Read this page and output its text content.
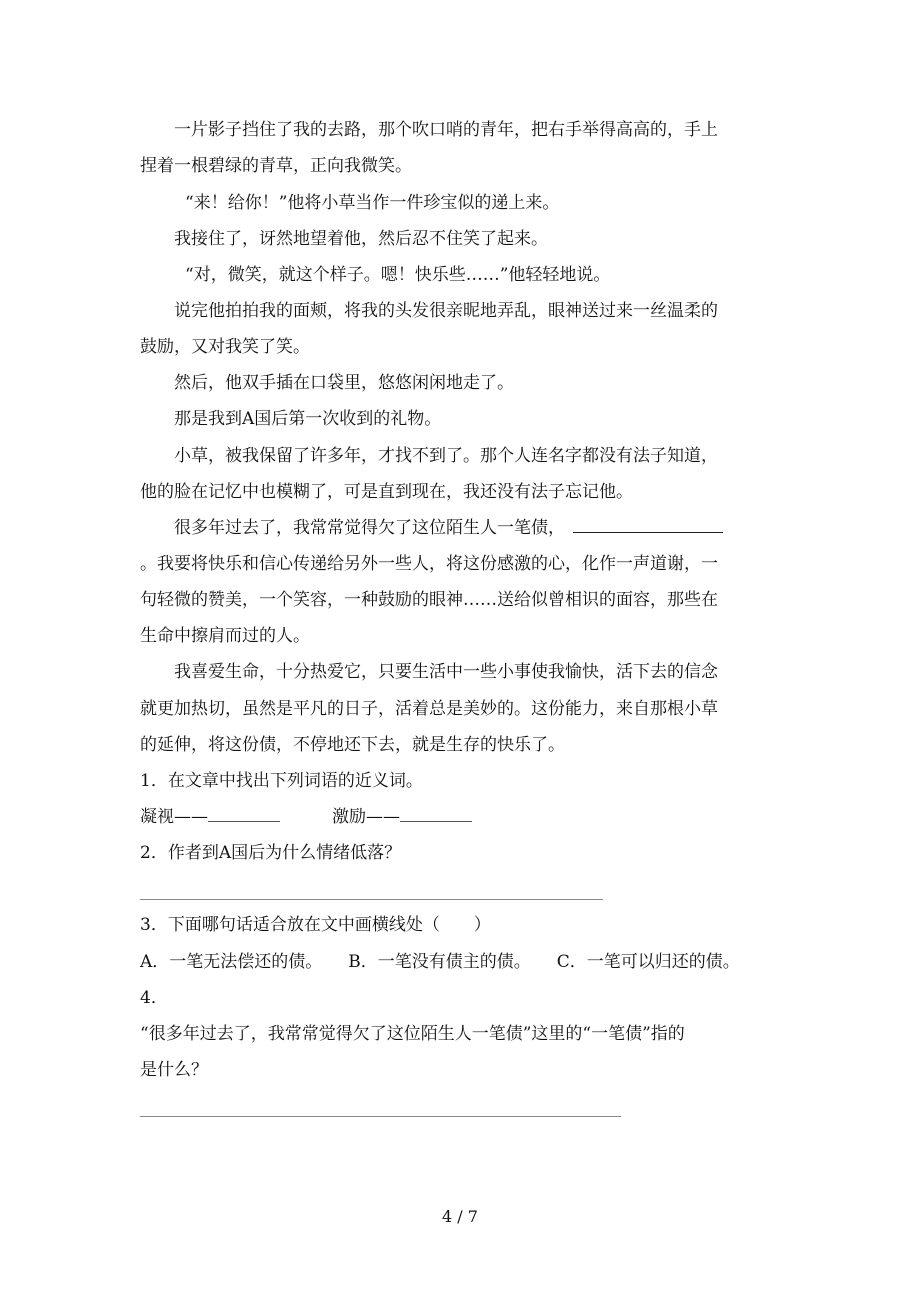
一片影子挡住了我的去路，那个吹口哨的青年，把右手举得高高的，手上
捏着一根碧绿的青草，正向我微笑。
“来！给你！”他将小草当作一件珍宝似的递上来。
我接住了，讶然地望着他，然后忍不住笑了起来。
“对，微笑，就这个样子。嗯！快乐些……”他轻轻地说。
说完他拍拍我的面颊，将我的头发很亲昵地弄乱，眼神送过来一丝温柔的
鼓励，又对我笑了笑。
然后，他双手插在口袋里，悠悠闲闲地走了。
那是我到A国后第一次收到的礼物。
小草，被我保留了许多年，才找不到了。那个人连名字都没有法子知道，
他的脸在记忆中也模糊了，可是直到现在，我还没有法子忘记他。
很多年过去了，我常常觉得欠了这位陌生人一笔债，
。我要将快乐和信心传递给另外一些人，将这份感激的心，化作一声道谢，一
句轻微的赞美，一个笑容，一种鼓励的眼神……送给似曾相识的面容，那些在
生命中擦肩而过的人。
我喜爱生命，十分热爱它，只要生活中一些小事使我愉快，活下去的信念
就更加热切，虽然是平凡的日子，活着总是美妙的。这份能力，来自那根小草
的延伸，将这份债，不停地还下去，就是生存的快乐了。
1．在文章中找出下列词语的近义词。
凝视——	激励——
2．作者到A国后为什么情绪低落？
3．下面哪句话适合放在文中画横线处（　　）
A．一笔无法偿还的债。 B．一笔没有债主的债。 C．一笔可以归还的债。
4．
“很多年过去了，我常常觉得欠了这位陌生人一笔债”这里的“一笔债”指的
是什么？
4 / 7
